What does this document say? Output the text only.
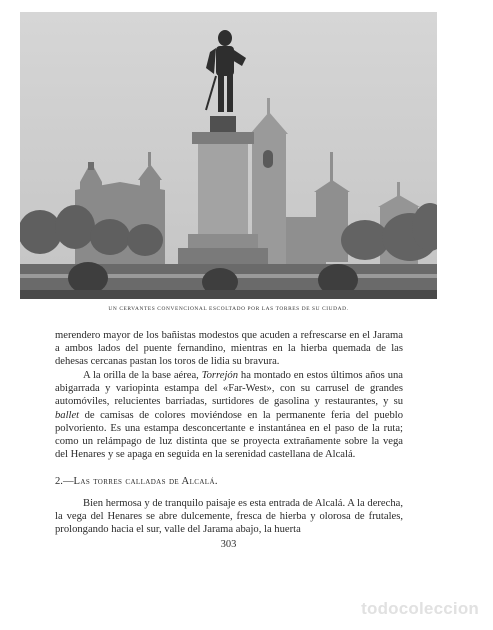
UN CERVANTES CONVENCIONAL ESCOLTADO POR LAS TORRES DE SU CIUDAD.

merendero mayor de los bañistas modestos que acuden a refrescarse en el Jarama a ambos lados del puente fernandino, mientras en la hierba quemada de las dehesas cercanas pastan los toros de lidia su bravura.

A la orilla de la base aérea, Torrejón ha montado en estos últimos años una abigarrada y variopinta estampa del «Far-West», con su carrusel de grandes automóviles, relucientes barriadas, surtidores de gasolina y restaurantes, y su ballet de camisas de colores moviéndose en la permanente feria del pueblo polvoriento. Es una estampa desconcertante e instantánea en el paso de la ruta; como un relámpago de luz distinta que se proyecta extrañamente sobre la vega del Henares y se apaga en seguida en la serenidad castellana de Alcalá.

2.—Las torres calladas de Alcalá.

Bien hermosa y de tranquilo paisaje es esta entrada de Alcalá. A la derecha, la vega del Henares se abre dulcemente, fresca de hierba y olorosa de frutales, prolongando hacia el sur, valle del Jarama abajo, la huerta

303
todocoleccion
